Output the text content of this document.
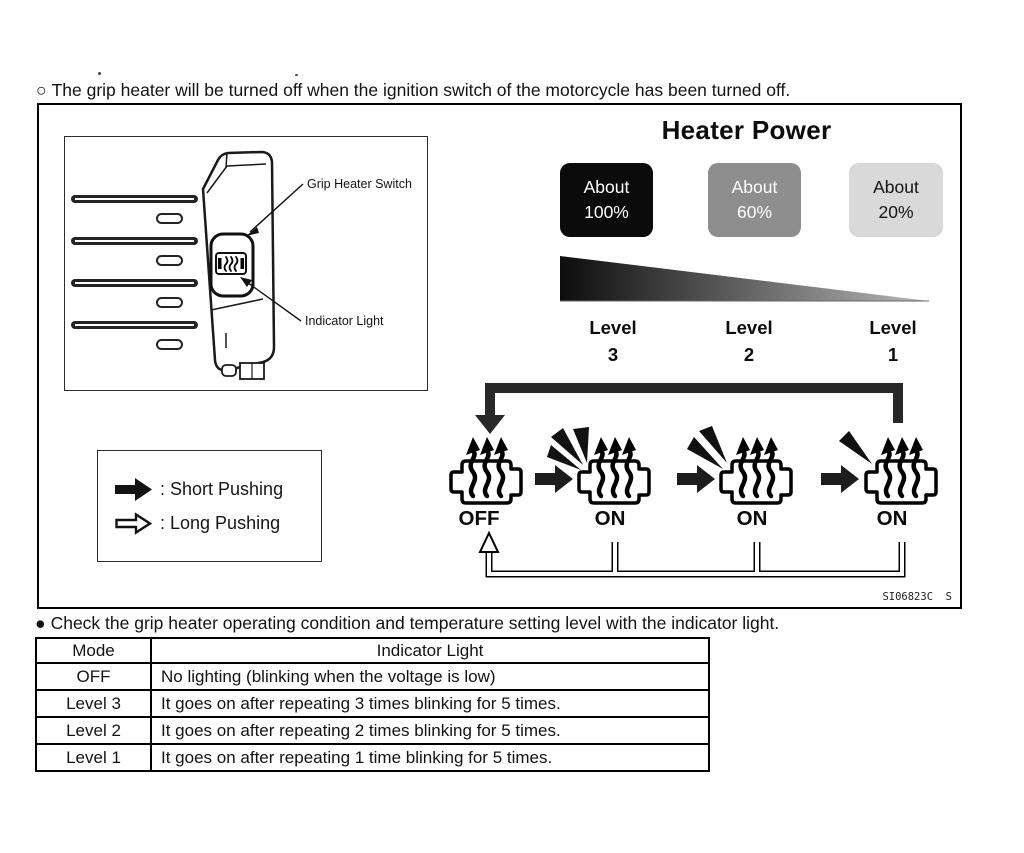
○ The grip heater will be turned off when the ignition switch of the motorcycle has been turned off.
Grip Heater Switch
Indicator Light
: Short Pushing
: Long Pushing
Heater Power
About
100%
About
60%
About
20%
Level
3
Level
2
Level
1
OFF	ON	ON	ON
SI06823C  S
● Check the grip heater operating condition and temperature setting level with the indicator light.
Mode	Indicator Light
OFF	No lighting (blinking when the voltage is low)
Level 3	It goes on after repeating 3 times blinking for 5 times.
Level 2	It goes on after repeating 2 times blinking for 5 times.
Level 1	It goes on after repeating 1 time blinking for 5 times.
